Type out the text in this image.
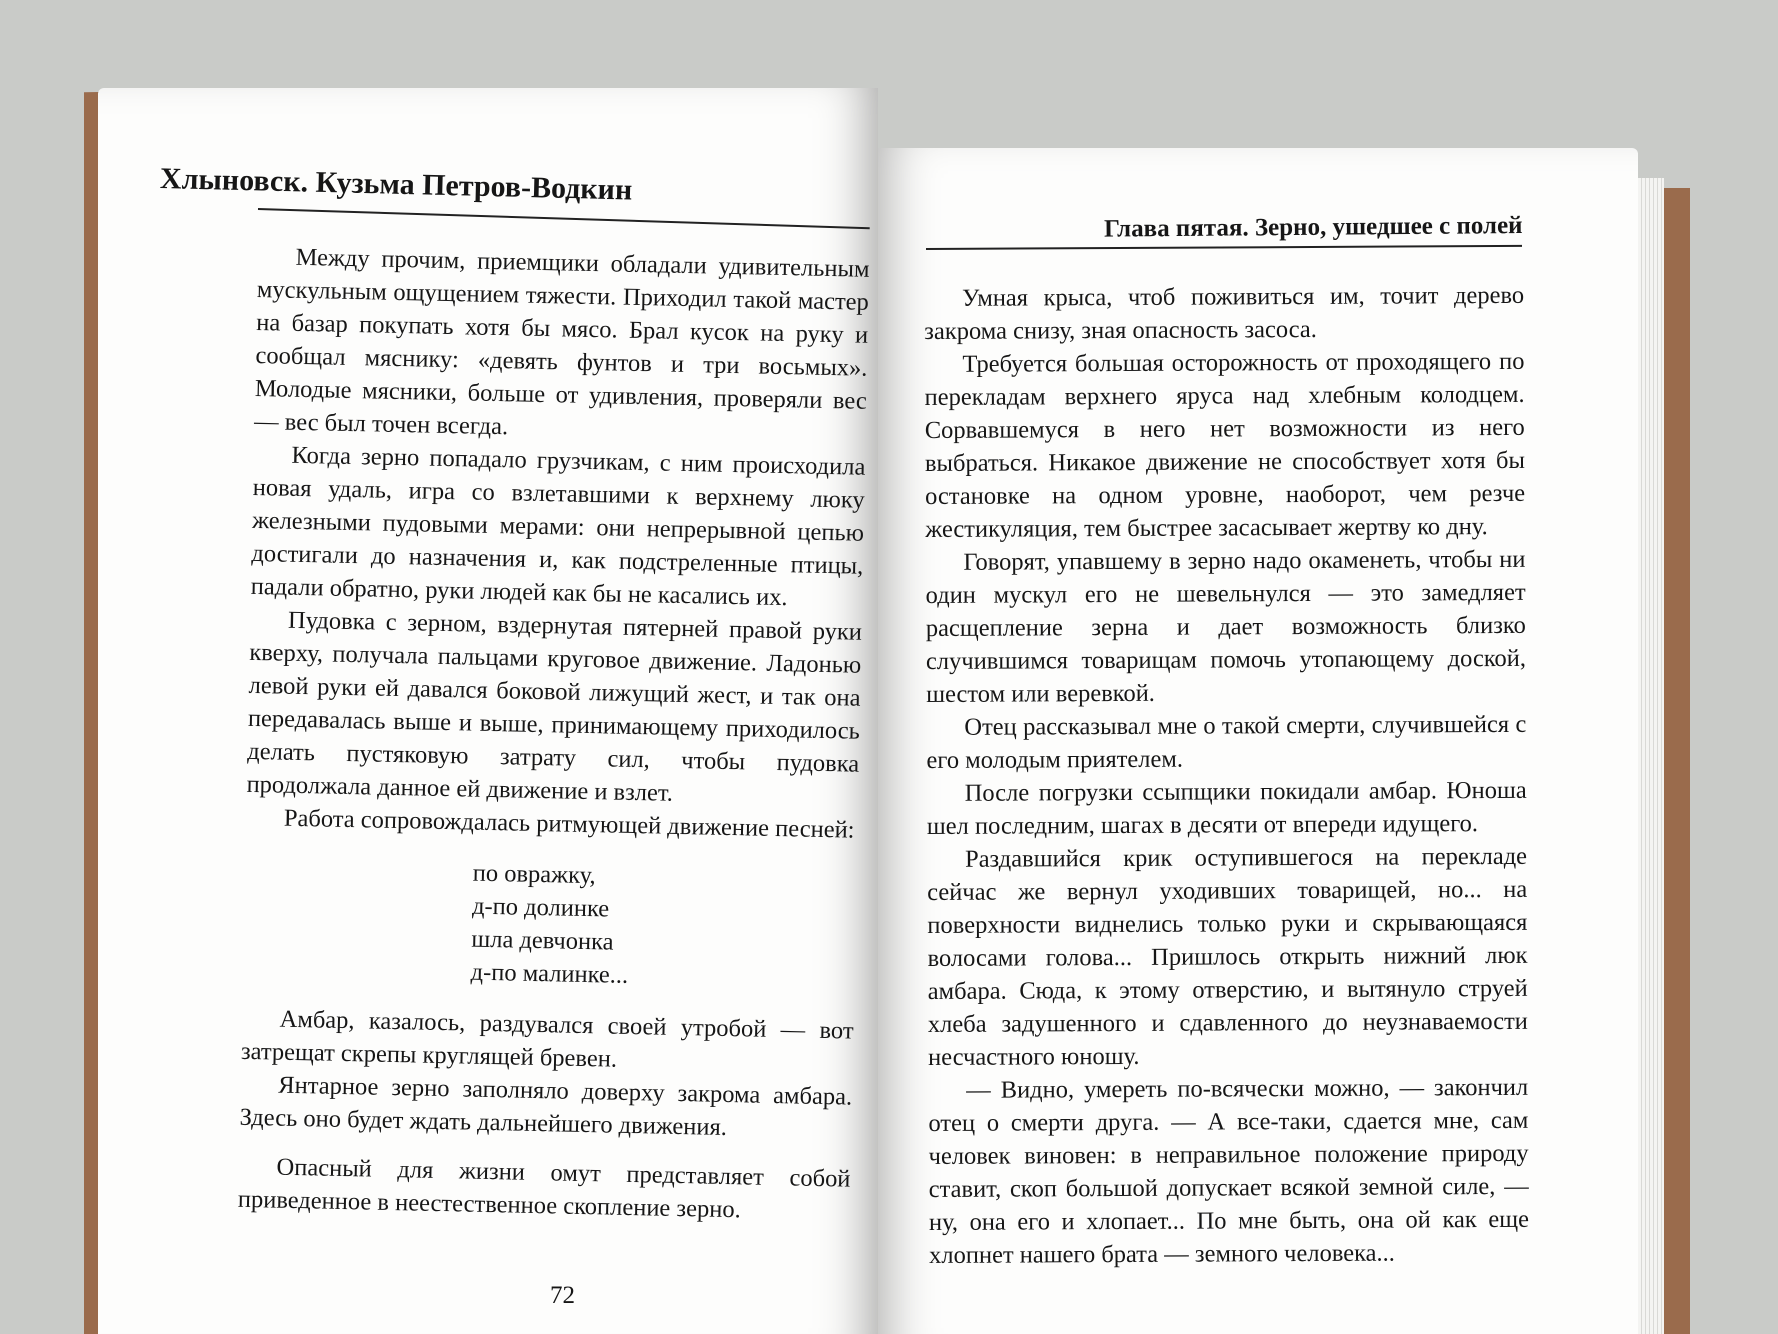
Хлыновск. Кузьма Петров-Водкин
Глава пятая. Зерно, ушедшее с полей

Между прочим, приемщики обладали удивительным мускульным ощущением тяжести. Приходил такой мастер на базар покупать хотя бы мясо. Брал кусок на руку и сообщал мяснику: «девять фунтов и три восьмых». Молодые мясники, больше от удивления, проверяли вес — вес был точен всегда.

Когда зерно попадало грузчикам, с ним происходила новая удаль, игра со взлетавшими к верхнему люку железными пудовыми мерами: они непрерывной цепью достигали до назначения и, как подстреленные птицы, падали обратно, руки людей как бы не касались их.

Пудовка с зерном, вздернутая пятерней правой руки кверху, получала пальцами круговое движение. Ладонью левой руки ей давался боковой лижущий жест, и так она передавалась выше и выше, принимающему приходилось делать пустяковую затрату сил, чтобы пудовка продолжала данное ей движение и взлет.

Работа сопровождалась ритмующей движение песней:

по овражку,
д-по долинке
шла девчонка
д-по малинке...

Амбар, казалось, раздувался своей утробой — вот затрещат скрепы круглящей бревен.

Янтарное зерно заполняло доверху закрома амбара. Здесь оно будет ждать дальнейшего движения.

Опасный для жизни омут представляет собой приведенное в неестественное скопление зерно.

72

Умная крыса, чтоб поживиться им, точит дерево закрома снизу, зная опасность засоса.

Требуется большая осторожность от проходящего по перекладам верхнего яруса над хлебным колодцем. Сорвавшемуся в него нет возможности из него выбраться. Никакое движение не способствует хотя бы остановке на одном уровне, наоборот, чем резче жестикуляция, тем быстрее засасывает жертву ко дну.

Говорят, упавшему в зерно надо окаменеть, чтобы ни один мускул его не шевельнулся — это замедляет расщепление зерна и дает возможность близко случившимся товарищам помочь утопающему доской, шестом или веревкой.

Отец рассказывал мне о такой смерти, случившейся с его молодым приятелем.

После погрузки ссыпщики покидали амбар. Юноша шел последним, шагах в десяти от впереди идущего.

Раздавшийся крик оступившегося на перекладе сейчас же вернул уходивших товарищей, но... на поверхности виднелись только руки и скрывающаяся волосами голова... Пришлось открыть нижний люк амбара. Сюда, к этому отверстию, и вытянуло струей хлеба задушенного и сдавленного до неузнаваемости несчастного юношу.

— Видно, умереть по-всячески можно, — закончил отец о смерти друга. — А все-таки, сдается мне, сам человек виновен: в неправильное положение природу ставит, скоп большой допускает всякой земной силе, — ну, она его и хлопает... По мне быть, она ой как еще хлопнет нашего брата — земного человека...
